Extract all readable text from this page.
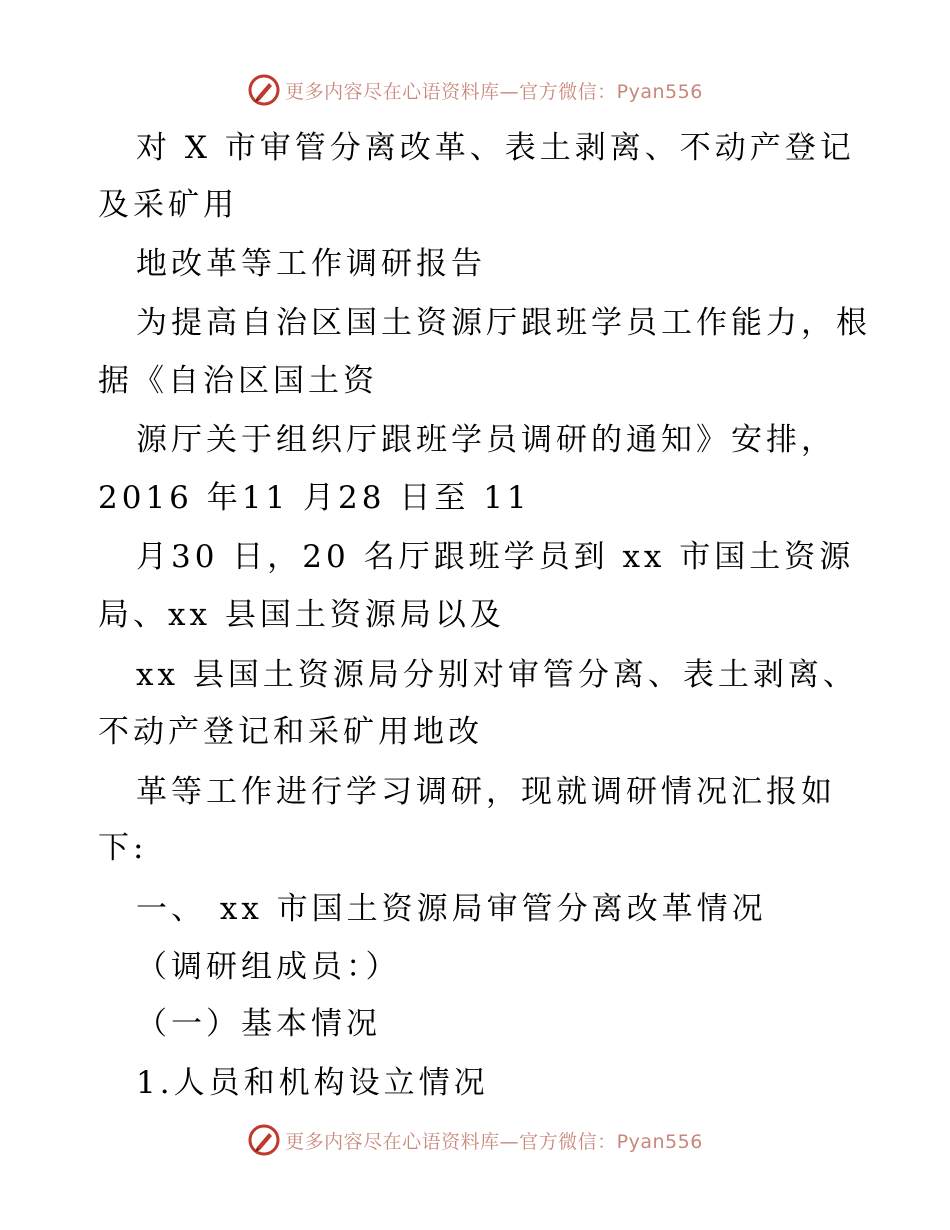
更多内容尽在心语资料库—官方微信：Pyan556
对 X 市审管分离改革、表土剥离、不动产登记
及采矿用
地改革等工作调研报告
为提高自治区国土资源厅跟班学员工作能力，根
据《自治区国土资
源厅关于组织厅跟班学员调研的通知》安排，
2016 年11 月28 日至 11
月30 日，20 名厅跟班学员到 xx 市国土资源
局、xx 县国土资源局以及
xx 县国土资源局分别对审管分离、表土剥离、
不动产登记和采矿用地改
革等工作进行学习调研，现就调研情况汇报如
下:
一、 xx 市国土资源局审管分离改革情况
（调研组成员：）
（一）基本情况
1.人员和机构设立情况
更多内容尽在心语资料库—官方微信：Pyan556
